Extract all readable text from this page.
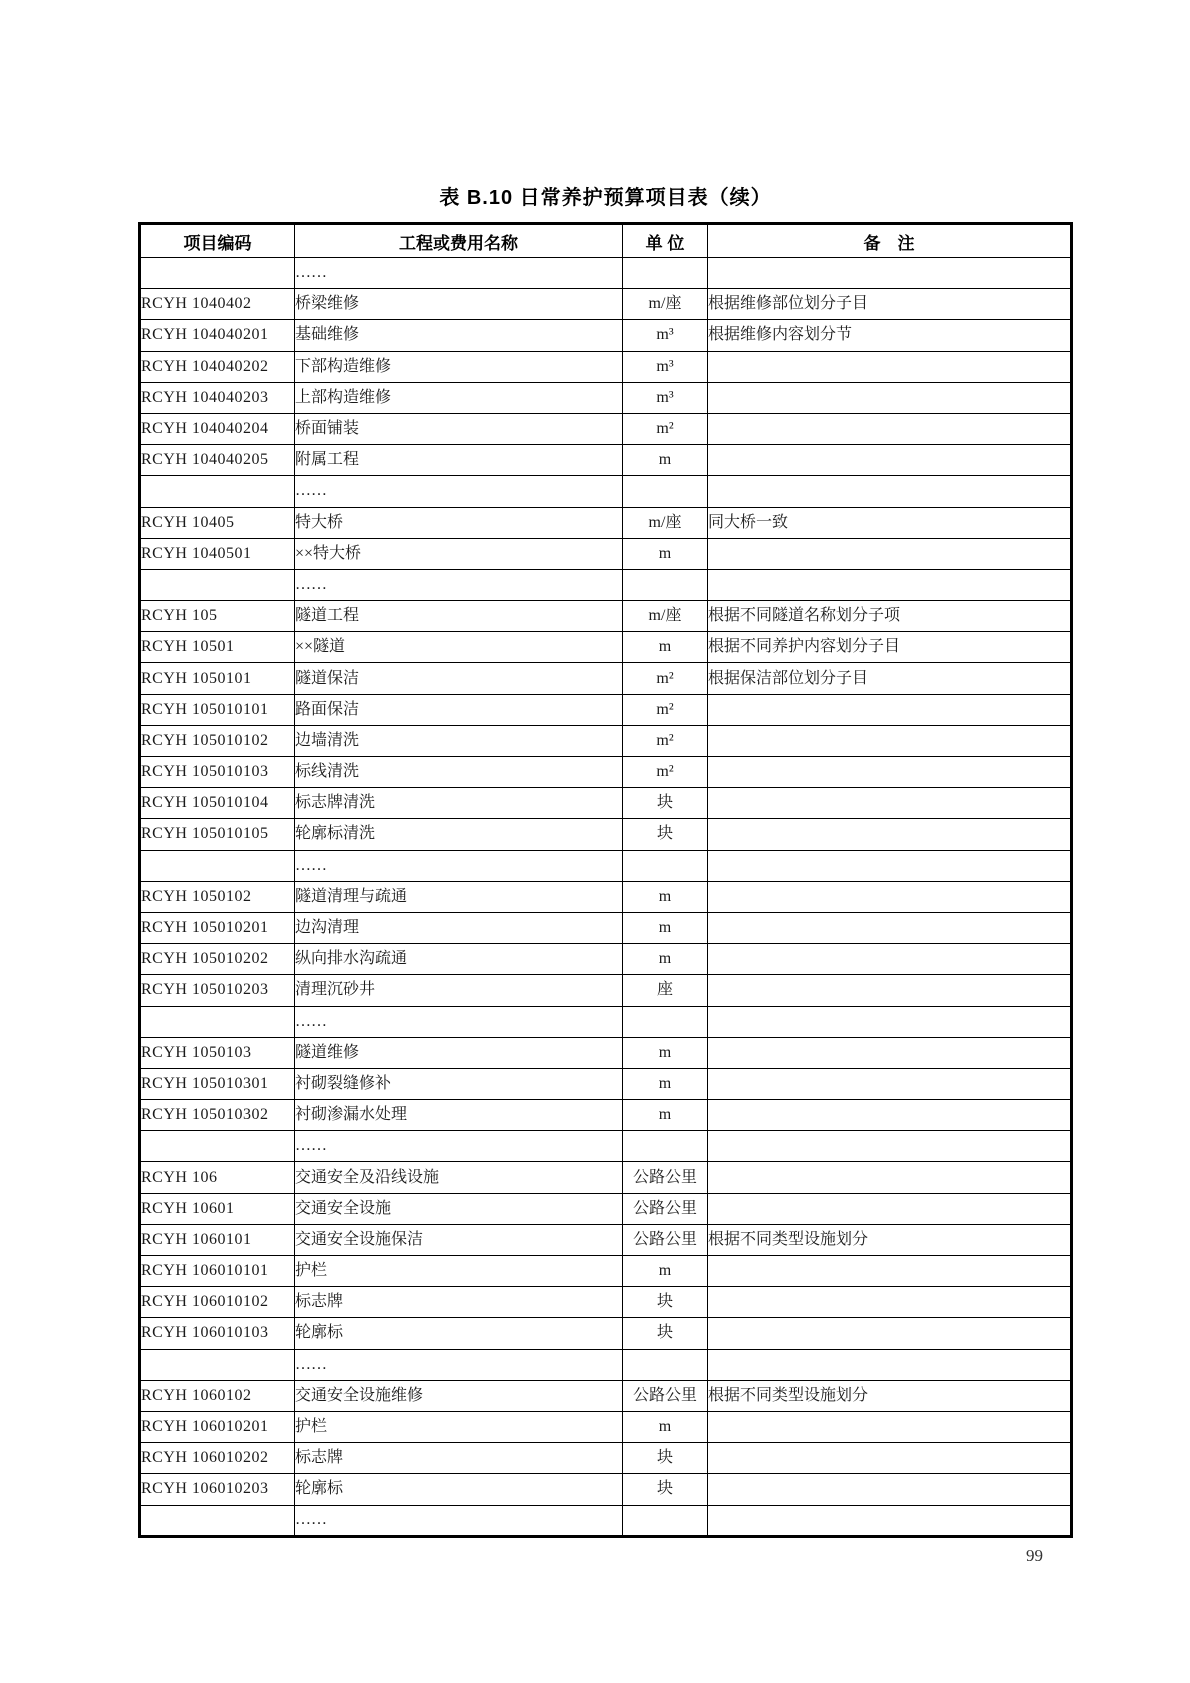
表 B.10 日常养护预算项目表（续）
项目编码	工程或费用名称	单 位	备　注
	……		
RCYH 1040402	桥梁维修	m/座	根据维修部位划分子目
RCYH 104040201	基础维修	m³	根据维修内容划分节
RCYH 104040202	下部构造维修	m³	
RCYH 104040203	上部构造维修	m³	
RCYH 104040204	桥面铺装	m²	
RCYH 104040205	附属工程	m	
	……		
RCYH 10405	特大桥	m/座	同大桥一致
RCYH 1040501	××特大桥	m	
	……		
RCYH 105	隧道工程	m/座	根据不同隧道名称划分子项
RCYH 10501	××隧道	m	根据不同养护内容划分子目
RCYH 1050101	隧道保洁	m²	根据保洁部位划分子目
RCYH 105010101	路面保洁	m²	
RCYH 105010102	边墙清洗	m²	
RCYH 105010103	标线清洗	m²	
RCYH 105010104	标志牌清洗	块	
RCYH 105010105	轮廓标清洗	块	
	……		
RCYH 1050102	隧道清理与疏通	m	
RCYH 105010201	边沟清理	m	
RCYH 105010202	纵向排水沟疏通	m	
RCYH 105010203	清理沉砂井	座	
	……		
RCYH 1050103	隧道维修	m	
RCYH 105010301	衬砌裂缝修补	m	
RCYH 105010302	衬砌渗漏水处理	m	
	……		
RCYH 106	交通安全及沿线设施	公路公里	
RCYH 10601	交通安全设施	公路公里	
RCYH 1060101	交通安全设施保洁	公路公里	根据不同类型设施划分
RCYH 106010101	护栏	m	
RCYH 106010102	标志牌	块	
RCYH 106010103	轮廓标	块	
	……		
RCYH 1060102	交通安全设施维修	公路公里	根据不同类型设施划分
RCYH 106010201	护栏	m	
RCYH 106010202	标志牌	块	
RCYH 106010203	轮廓标	块	
	……		
99
